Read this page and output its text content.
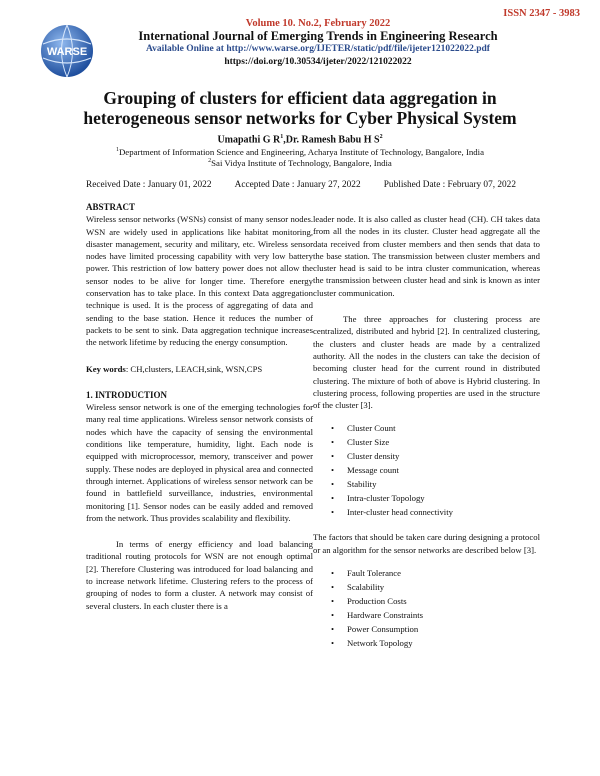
ISSN 2347 - 3983
WARSE
Volume 10. No.2, February 2022
International Journal of Emerging Trends in Engineering Research
Available Online at http://www.warse.org/IJETER/static/pdf/file/ijeter121022022.pdf
https://doi.org/10.30534/ijeter/2022/121022022
Grouping of clusters for efficient data aggregation in
heterogeneous sensor networks for Cyber Physical System
Umapathi G $R^1,Dr$. Ramesh Babu H $S^2$
$^1$Department of Information Science and Engineering, Acharya Institute of Technology, Bangalore, India
$^2$Sai Vidya Institute of Technology, Bangalore, India
Received Date : January 01, 2022 Accepted Date : January 27, 2022 Published Date : February 07, 2022

ABSTRACT

Wireless sensor networks (WSNs) consist of many sensor nodes. WSN are widely used in applications like habitat monitoring, disaster management, security and military, etc. Wireless sensor nodes have limited processing capability with very low battery power. This restriction of low battery power does not allow the sensor nodes to be alive for longer time. Therefore energy conservation has to take place. In this context Data aggregation technique is used. It is the process of aggregating of data and sending to the base station. Hence it reduces the number of packets to be sent to sink. Data aggregation technique increases the network lifetime by reducing the energy consumption.

Key words: CH,clusters, LEACH,sink, WSN,CPS

1. INTRODUCTION

Wireless sensor network is one of the emerging technologies for many real time applications. Wireless sensor network consists of nodes which have the capacity of sensing the environmental conditions like temperature, humidity, light. Each node is equipped with microprocessor, memory, transceiver and power supply. These nodes are deployed in physical area and connected through internet. Applications of wireless sensor network can be found in battlefield surveillance, industries, environmental monitoring [1]. Sensor nodes can be easily added and removed from the network. Thus provides scalability and flexibility.

In terms of energy efficiency and load balancing traditional routing protocols for WSN are not enough optimal [2]. Therefore Clustering was introduced for load balancing and to increase network lifetime. Clustering refers to the process of grouping of nodes to form a cluster. A network may consist of several clusters. In each cluster there is a

leader node. It is also called as cluster head (CH). CH takes data from all the nodes in its cluster. Cluster head aggregate all the data received from cluster members and then sends that data to the base station. The transmission between cluster members and cluster head is said to be intra cluster communication, whereas the transmission between cluster head and sink is known as inter cluster communication.

The three approaches for clustering process are centralized, distributed and hybrid [2]. In centralized clustering, the clusters and cluster heads are made by a centralized authority. All the nodes in the clusters can take the decision of becoming cluster head for the current round in distributed clustering. The mixture of both of above is Hybrid clustering. In clustering process, following properties are used in the structure of the cluster [3].

• Cluster Count
• Cluster Size
• Cluster density
• Message count
• Stability
• Intra-cluster Topology
• Inter-cluster head connectivity

The factors that should be taken care during designing a protocol or an algorithm for the sensor networks are described below [3].

• Fault Tolerance
• Scalability
• Production Costs
• Hardware Constraints
• Power Consumption
• Network Topology
